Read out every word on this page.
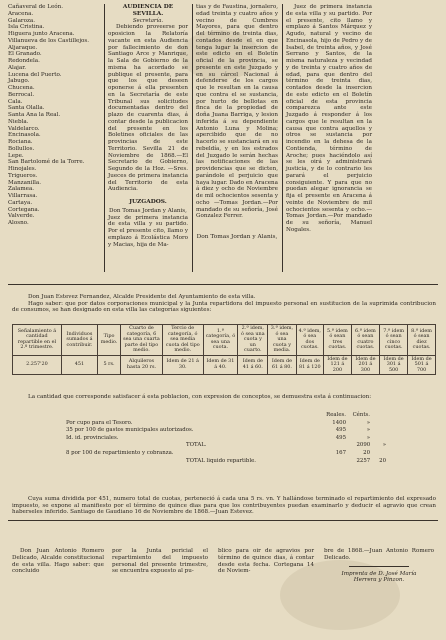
Cañaveral de León.
Aracena.
Galaroza.
Isla Cristina.
Higuera junto Aracena.
Villanueva de los Castillejos.
Aljaraque.
El Granado.
Redondela.
Alajar.
Lucena del Puerto.
Jabugo.
Chucena.
Berrocal.
Cala.
Santa Olalla.
Santa Ana la Real.
Niebla.
Valdelarco.
Encinasola.
Rociana.
Bollullos.
Lepe.
San Bartolomé de la Torre.
Hinojales.
Trigueros.
Manzanilla.
Zalamea.
Villarrasa.
Cartaya.
Cortegana.
Valverde.
Alosno.
AUDIENCIA DE SEVILLA.
Secretaría.

Debiendo proveerse por oposicion la Relatoría vacante en esta Audiencia por fallecimiento de don Santiago Arce y Manrique, la Sala de Gobierno de la misma ha acordado se publique el presente, para que los que deseen oponerse á ella presenten en la Secretaría de este Tribunal sus solicitudes documentadas dentro del plazo de cuarenta dias, á contar desde la publicacion del presente en los Boletines oficiales de las provincias de este Territorio. Sevilla 21 de Noviembre de 1868.—El Secretario de Gobierno, Segundo de la Hoz. —Sres. Jueces de primera instancia del Territorio de esta Audiencia.

JUZGADOS.

Don Tomas Jordan y Alanis,

Juez de primera instancia de esta villa y su partido. Por el presente cito, llamo y emplazo á Ecolástica Moro y Macias, hija de Ma-

tias y de Faustina, jornalero, edad treinta y cuatro años y vecino de Cumbres Mayores, para que dentro del término de treinta dias, contados desde el en que tenga lugar la insercion de este edicto en el Boletín oficial de la provincia, se presente en este Juzgado y en su cárcel Nacional á defenderse de los cargos que le resultan en la causa que contra el se sustancia, por hurto de bellotas en finca de la propiedad de doña Juana Barriga, y lesion inferida á su dependiente Antonio Luna y Molina; apercibido que de no hacerlo se sustanciará en su rebeldía, y en los estrados del Juzgado le serán hechas las notificaciones de las providencias que se dicten, parándole el perjuicio que haya lugar. Dado en Aracena á diez y ocho de Noviembre de mil ochocientos sesenta y ocho —Tomas Jordan.—Por mandado de su señoría, José Gonzalez Ferrer.

Don Tomas Jordan y Alanis,

Juez de primera instancia de esta villa y su partido. Por el presente, cito llamo y emplazo á Santos Márquez y Agudo, natural y vecino de Encinasola, hijo de Pedro y de Isabel, de treinta años, y José Serrano y Santos, de la misma naturaleza y vecindad y de treinta y cuatro años de edad, para que dentro del término de treinta dias, contados desde la insercion de este edicto en el Boletín oficial de esta provincia comparezca ante este Juzgado á responder á los cargos que le resultan en la causa que contra aquellos y otros se sustancia por incendio en la dehesa de la Contienda, término de Aroche; pues haciéndolo así se les oirá y administrará justicia, y de lo contrario les parará el perjuicio consiguiente. Y para que no puedan alegar ignorancia se fija el presente en Aracena á veinte de Noviembre de mil ochocientos sesenta y ocho.—Tomas Jordan.—Por mandado de su señoría, Manuel Nogales.

Don Juan Estevez Fernandez, Alcalde Presidente del Ayuntamiento de esta villa.

Hago saber: que por datos corporaciones municipal y la Junta repartidora del impuesto personal en sustitucion de la suprimida contribucion de consumos, se han designado en esta villa las categorías siguientes:

Señalamiento á cantidad repartible en el 2.º trimestre.	Individuos sumados á contribuir.	Tipo medio.	Cuarto de categoría, 6 sea una cuarta parte del tipo medio.	Tercio de categoría, ó sea media cuota del tipo medio.	1.ª categoría, ó sea una cuota.	2.ª idem, ó sea una cuota y un cuarto.	3.ª idem, ó sea una cuota y media.	4.ª idem, ó sea dos cuotas.	5.ª idem ó sean tres cuotas.	6.ª idem ó sean cuatro cuotas.	7.ª idem ó sean cinco cuotas.	8.ª idem ó sean diez cuotas.
2.257'20	451	5 rs.	Alquileros hasta 20 rs.	Idem de 21 á 30.	Idem de 31 á 40.	Idem de 41 á 60.	Idem de 61 á 80.	Idem de 81 á 120	Idem de 121 á 200	Idem de 201 á 300	Idem de 301 á 500	Idem de 501 á 700

La cantidad que corresponde satisfacer á esta poblacion, con expresion de conceptos, se demuestra esta á continuacion:

Reales.	Cénts.
Por cupo para el Tesoro.	1400	»
35 por 100 de gastos municipales autorizados.	495	»
Id. id. provinciales.	495	»
TOTAL.	2090	»
8 por 100 de repartimiento y cobranza.	167	20
TOTAL liquido repartible.	2257	20

Cuya suma dividida por 451, numero total de cuotas, perteneció á cada una 5 rs. vn. Y hallándose terminado el repartimiento del expresado impuesto, se expone al manifiesto por el término de quince dias para que los contribuyentes puedan examinarlo y deducir el agravio que crean haberseles inferido. Santiago de Gaudiano 16 de Noviembre de 1868.—Juan Estevez.

Don Juan Antonio Romero Delicado, Alcalde constitucional de esta villa. Hago saber: que concluido

por la Junta pericial el repartimiento del impuesto personal del presente trimestre, se encuentra expuesto al pu-

blico para oir de agravios por término de quince dias, á contar desde esta fecha. Cortegana 14 de Noviem-

bre de 1868.—Juan Antonio Romero Delicado.

Imprenta de D. José María
Herrera y Pinzon.
